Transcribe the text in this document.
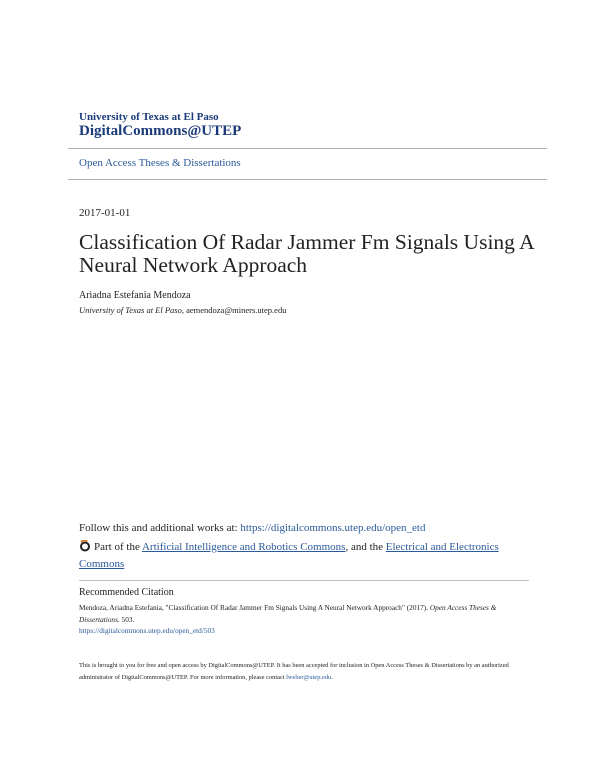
University of Texas at El Paso
DigitalCommons@UTEP
Open Access Theses & Dissertations
2017-01-01
Classification Of Radar Jammer Fm Signals Using A Neural Network Approach
Ariadna Estefania Mendoza
University of Texas at El Paso, aemendoza@miners.utep.edu
Follow this and additional works at: https://digitalcommons.utep.edu/open_etd
Part of the Artificial Intelligence and Robotics Commons, and the Electrical and Electronics Commons
Recommended Citation
Mendoza, Ariadna Estefania, "Classification Of Radar Jammer Fm Signals Using A Neural Network Approach" (2017). Open Access Theses & Dissertations. 503.
https://digitalcommons.utep.edu/open_etd/503
This is brought to you for free and open access by DigitalCommons@UTEP. It has been accepted for inclusion in Open Access Theses & Dissertations by an authorized administrator of DigitalCommons@UTEP. For more information, please contact lweber@utep.edu.
